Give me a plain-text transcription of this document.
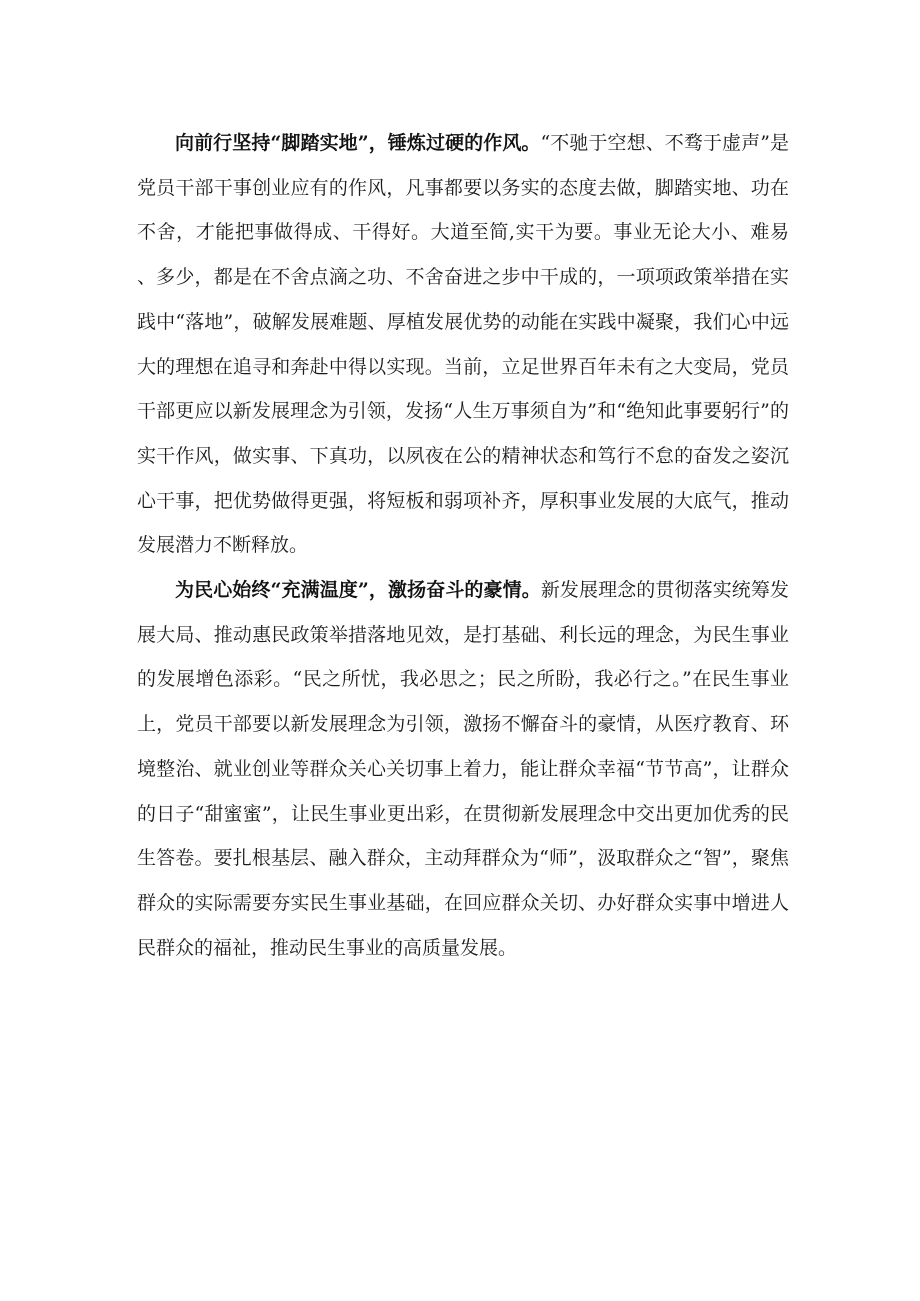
向前行坚持“脚踏实地”，锤炼过硬的作风。“不驰于空想、不骛于虚声”是党员干部干事创业应有的作风，凡事都要以务实的态度去做，脚踏实地、功在不舍，才能把事做得成、干得好。大道至简,实干为要。事业无论大小、难易、多少，都是在不舍点滴之功、不舍奋进之步中干成的，一项项政策举措在实践中“落地”，破解发展难题、厚植发展优势的动能在实践中凝聚，我们心中远大的理想在追寻和奔赴中得以实现。当前，立足世界百年未有之大变局，党员干部更应以新发展理念为引领，发扬“人生万事须自为”和“绝知此事要躬行”的实干作风，做实事、下真功，以夙夜在公的精神状态和笃行不怠的奋发之姿沉心干事，把优势做得更强，将短板和弱项补齐，厚积事业发展的大底气，推动发展潜力不断释放。

为民心始终“充满温度”，激扬奋斗的豪情。新发展理念的贯彻落实统筹发展大局、推动惠民政策举措落地见效，是打基础、利长远的理念，为民生事业的发展增色添彩。“民之所忧，我必思之；民之所盼，我必行之。”在民生事业上，党员干部要以新发展理念为引领，激扬不懈奋斗的豪情，从医疗教育、环境整治、就业创业等群众关心关切事上着力，能让群众幸福“节节高”，让群众的日子“甜蜜蜜”，让民生事业更出彩，在贯彻新发展理念中交出更加优秀的民生答卷。要扎根基层、融入群众，主动拜群众为“师”，汲取群众之“智”，聚焦群众的实际需要夯实民生事业基础，在回应群众关切、办好群众实事中增进人民群众的福祉，推动民生事业的高质量发展。
